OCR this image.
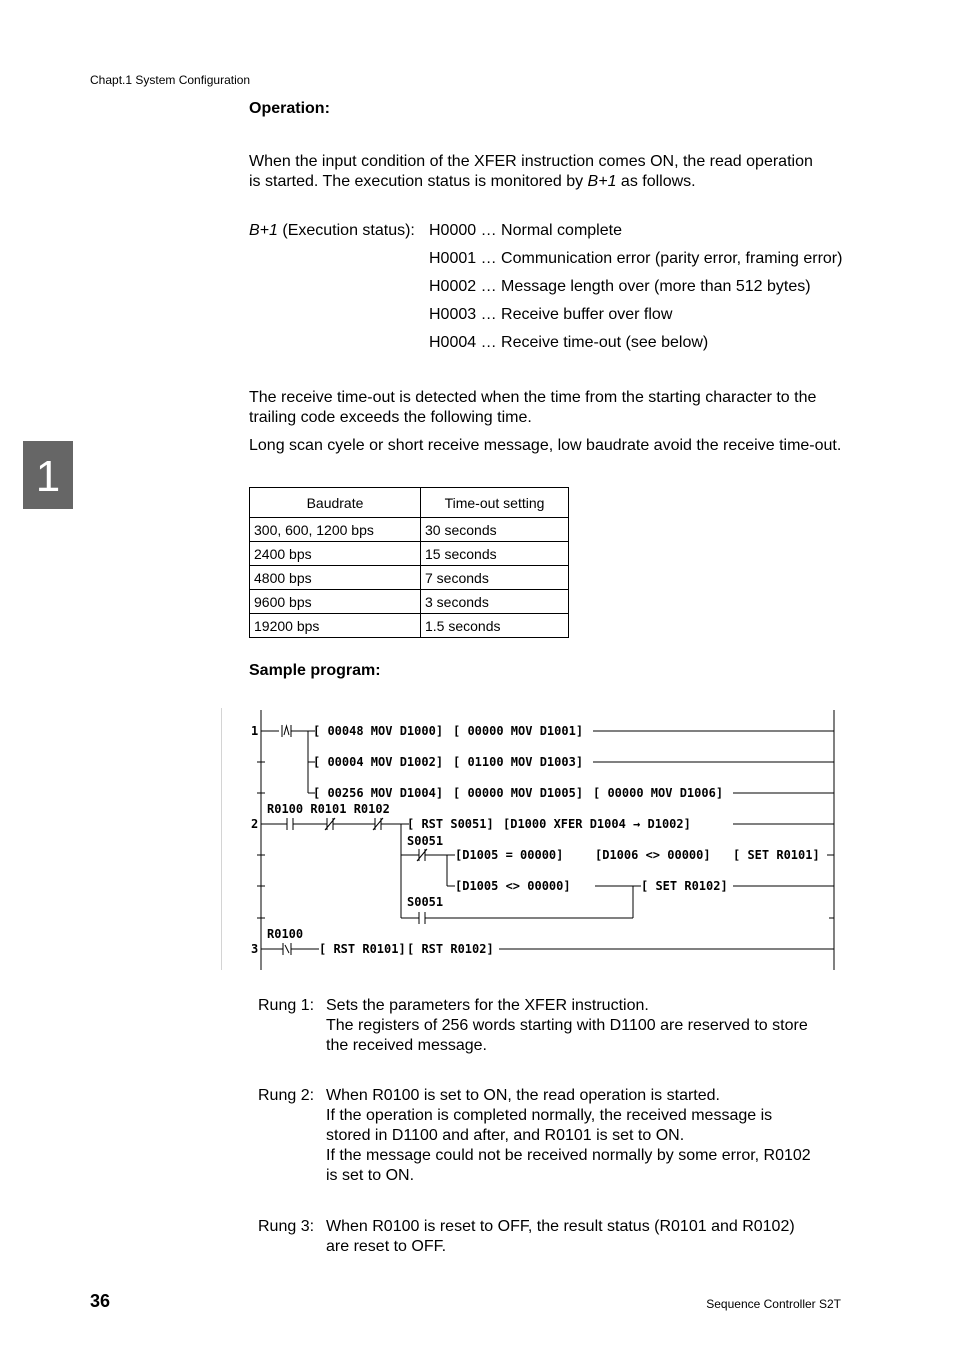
Chapt.1 System Configuration
1
Operation:
When the input condition of the XFER instruction comes ON, the read operation
is started. The execution status is monitored by B+1 as follows.
B+1 (Execution status): H0000 … Normal complete
H0001 … Communication error (parity error, framing error)
H0002 … Message length over (more than 512 bytes)
H0003 … Receive buffer over flow
H0004 … Receive time-out (see below)
The receive time-out is detected when the time from the starting character to the
trailing code exceeds the following time.
Long scan cyele or short receive message, low baudrate avoid the receive time-out.
Baudrate	Time-out setting
300, 600, 1200 bps	30 seconds
2400 bps	15 seconds
4800 bps	7 seconds
9600 bps	3 seconds
19200 bps	1.5 seconds
Sample program:
1	[ 00048 MOV D1000] [ 00000 MOV D1001]
[ 00004 MOV D1002] [ 01100 MOV D1003]
[ 00256 MOV D1004] [ 00000 MOV D1005] [ 00000 MOV D1006]
R0100 R0101 R0102
2	[ RST S0051] [D1000 XFER D1004 → D1002]
S0051
[D1005 = 00000]	[D1006 <> 00000] [ SET R0101]
[D1005 <> 00000]	[ SET R0102]
S0051
R0100
3	[ RST R0101] [ RST R0102]
Rung 1: Sets the parameters for the XFER instruction.
The registers of 256 words starting with D1100 are reserved to store
the received message.
Rung 2: When R0100 is set to ON, the read operation is started.
If the operation is completed normally, the received message is
stored in D1100 and after, and R0101 is set to ON.
If the message could not be received normally by some error, R0102
is set to ON.
Rung 3: When R0100 is reset to OFF, the result status (R0101 and R0102)
are reset to OFF.
36	Sequence Controller S2T
